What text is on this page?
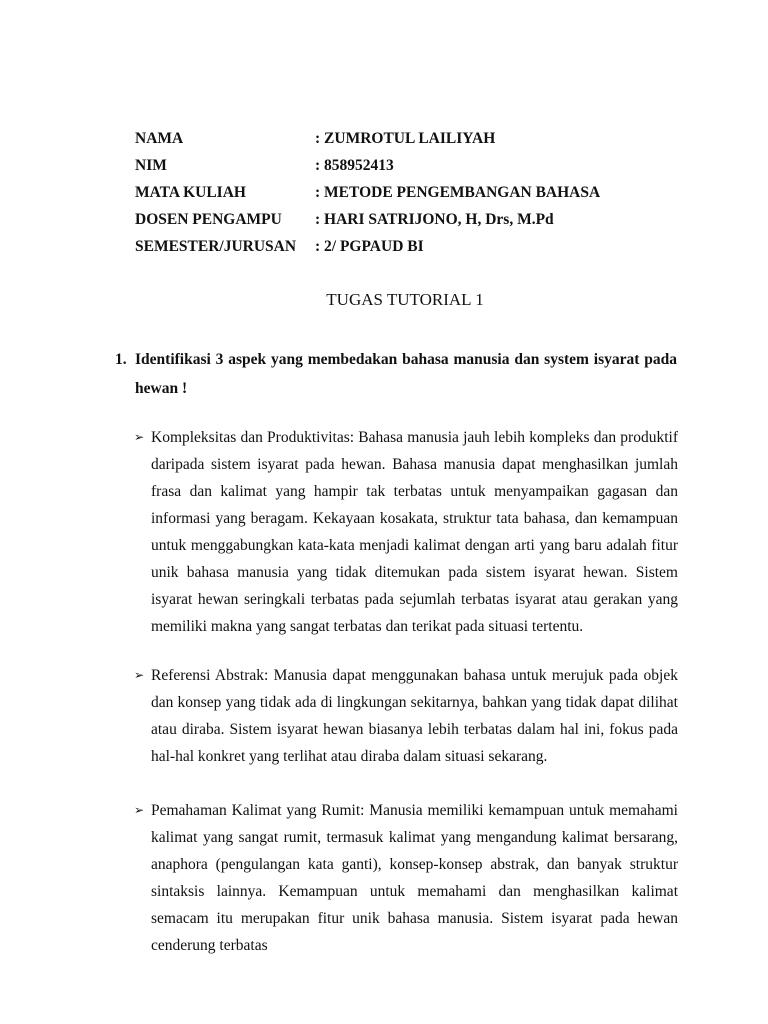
NAMA	: ZUMROTUL LAILIYAH
NIM	: 858952413
MATA KULIAH	: METODE PENGEMBANGAN BAHASA
DOSEN PENGAMPU	: HARI SATRIJONO, H, Drs, M.Pd
SEMESTER/JURUSAN	: 2/ PGPAUD BI
TUGAS TUTORIAL 1
1. Identifikasi 3 aspek yang membedakan bahasa manusia dan system isyarat pada hewan !
➢ Kompleksitas dan Produktivitas: Bahasa manusia jauh lebih kompleks dan produktif daripada sistem isyarat pada hewan. Bahasa manusia dapat menghasilkan jumlah frasa dan kalimat yang hampir tak terbatas untuk menyampaikan gagasan dan informasi yang beragam. Kekayaan kosakata, struktur tata bahasa, dan kemampuan untuk menggabungkan kata-kata menjadi kalimat dengan arti yang baru adalah fitur unik bahasa manusia yang tidak ditemukan pada sistem isyarat hewan. Sistem isyarat hewan seringkali terbatas pada sejumlah terbatas isyarat atau gerakan yang memiliki makna yang sangat terbatas dan terikat pada situasi tertentu.
➢ Referensi Abstrak: Manusia dapat menggunakan bahasa untuk merujuk pada objek dan konsep yang tidak ada di lingkungan sekitarnya, bahkan yang tidak dapat dilihat atau diraba. Sistem isyarat hewan biasanya lebih terbatas dalam hal ini, fokus pada hal-hal konkret yang terlihat atau diraba dalam situasi sekarang.
➢ Pemahaman Kalimat yang Rumit: Manusia memiliki kemampuan untuk memahami kalimat yang sangat rumit, termasuk kalimat yang mengandung kalimat bersarang, anaphora (pengulangan kata ganti), konsep-konsep abstrak, dan banyak struktur sintaksis lainnya. Kemampuan untuk memahami dan menghasilkan kalimat semacam itu merupakan fitur unik bahasa manusia. Sistem isyarat pada hewan cenderung terbatas
